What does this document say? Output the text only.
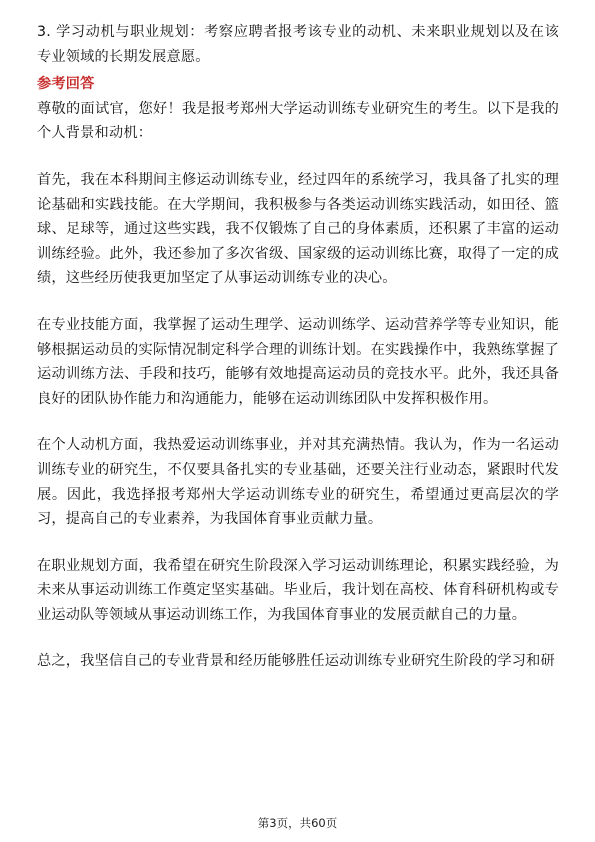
3. 学习动机与职业规划：考察应聘者报考该专业的动机、未来职业规划以及在该专业领域的长期发展意愿。

参考回答

尊敬的面试官，您好！我是报考郑州大学运动训练专业研究生的考生。以下是我的个人背景和动机：

首先，我在本科期间主修运动训练专业，经过四年的系统学习，我具备了扎实的理论基础和实践技能。在大学期间，我积极参与各类运动训练实践活动，如田径、篮球、足球等，通过这些实践，我不仅锻炼了自己的身体素质，还积累了丰富的运动训练经验。此外，我还参加了多次省级、国家级的运动训练比赛，取得了一定的成绩，这些经历使我更加坚定了从事运动训练专业的决心。

在专业技能方面，我掌握了运动生理学、运动训练学、运动营养学等专业知识，能够根据运动员的实际情况制定科学合理的训练计划。在实践操作中，我熟练掌握了运动训练方法、手段和技巧，能够有效地提高运动员的竞技水平。此外，我还具备良好的团队协作能力和沟通能力，能够在运动训练团队中发挥积极作用。

在个人动机方面，我热爱运动训练事业，并对其充满热情。我认为，作为一名运动训练专业的研究生，不仅要具备扎实的专业基础，还要关注行业动态，紧跟时代发展。因此，我选择报考郑州大学运动训练专业的研究生，希望通过更高层次的学习，提高自己的专业素养，为我国体育事业贡献力量。

在职业规划方面，我希望在研究生阶段深入学习运动训练理论，积累实践经验，为未来从事运动训练工作奠定坚实基础。毕业后，我计划在高校、体育科研机构或专业运动队等领域从事运动训练工作，为我国体育事业的发展贡献自己的力量。

总之，我坚信自己的专业背景和经历能够胜任运动训练专业研究生阶段的学习和研

第3页，共60页
